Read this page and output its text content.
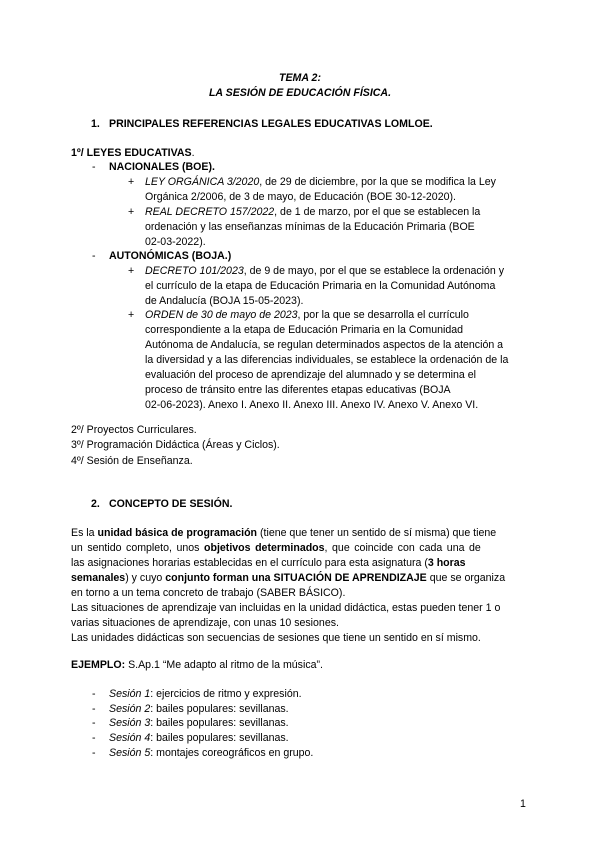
TEMA 2:
LA SESIÓN DE EDUCACIÓN FÍSICA.
1. PRINCIPALES REFERENCIAS LEGALES EDUCATIVAS LOMLOE.
1º/ LEYES EDUCATIVAS.
- NACIONALES (BOE).
+ LEY ORGÁNICA 3/2020, de 29 de diciembre, por la que se modifica la Ley
Orgánica 2/2006, de 3 de mayo, de Educación (BOE 30-12-2020).
+ REAL DECRETO 157/2022, de 1 de marzo, por el que se establecen la
ordenación y las enseñanzas mínimas de la Educación Primaria (BOE
02-03-2022).
- AUTONÓMICAS (BOJA.)
+ DECRETO 101/2023, de 9 de mayo, por el que se establece la ordenación y
el currículo de la etapa de Educación Primaria en la Comunidad Autónoma
de Andalucía (BOJA 15-05-2023).
+ ORDEN de 30 de mayo de 2023, por la que se desarrolla el currículo
correspondiente a la etapa de Educación Primaria en la Comunidad
Autónoma de Andalucía, se regulan determinados aspectos de la atención a
la diversidad y a las diferencias individuales, se establece la ordenación de la
evaluación del proceso de aprendizaje del alumnado y se determina el
proceso de tránsito entre las diferentes etapas educativas (BOJA
02-06-2023). Anexo I. Anexo II. Anexo III. Anexo IV. Anexo V. Anexo VI.
2º/ Proyectos Curriculares.
3º/ Programación Didáctica (Áreas y Ciclos).
4º/ Sesión de Enseñanza.
2. CONCEPTO DE SESIÓN.
Es la unidad básica de programación (tiene que tener un sentido de sí misma) que tiene
un sentido completo, unos objetivos determinados, que coincide con cada una de
las asignaciones horarias establecidas en el currículo para esta asignatura (3 horas
semanales) y cuyo conjunto forman una SITUACIÓN DE APRENDIZAJE que se organiza
en torno a un tema concreto de trabajo (SABER BÁSICO).
Las situaciones de aprendizaje van incluidas en la unidad didáctica, estas pueden tener 1 o
varias situaciones de aprendizaje, con unas 10 sesiones.
Las unidades didácticas son secuencias de sesiones que tiene un sentido en sí mismo.
EJEMPLO: S.Ap.1 “Me adapto al ritmo de la música”.
- Sesión 1: ejercicios de ritmo y expresión.
- Sesión 2: bailes populares: sevillanas.
- Sesión 3: bailes populares: sevillanas.
- Sesión 4: bailes populares: sevillanas.
- Sesión 5: montajes coreográficos en grupo.
1
